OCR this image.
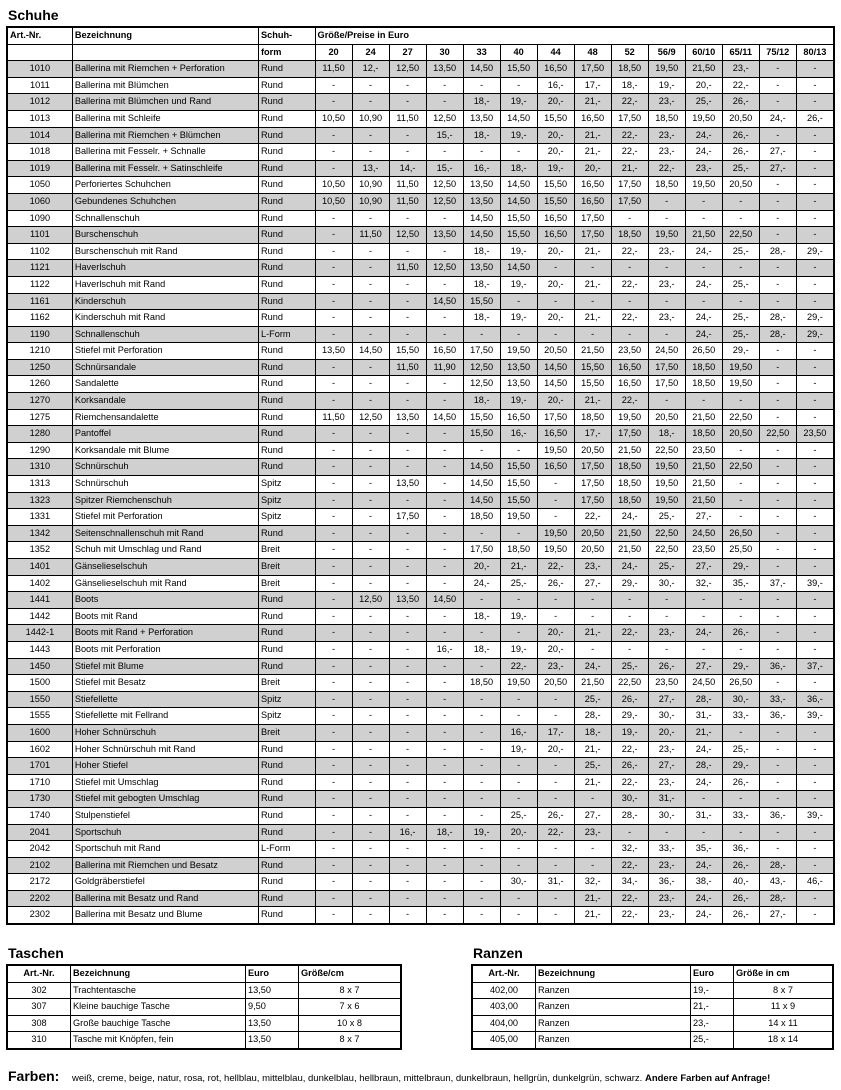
Schuhe
Art.-Nr.	Bezeichnung	Schuh-	Größe/Preise in Euro													
		form	20	24	27	30	33	40	44	48	52	56/9	60/10	65/11	75/12	80/13
1010	Ballerina mit Riemchen + Perforation	Rund	11,50	12,-	12,50	13,50	14,50	15,50	16,50	17,50	18,50	19,50	21,50	23,-	-	-
1011	Ballerina mit Blümchen	Rund	-	-	-	-	-	-	16,-	17,-	18,-	19,-	20,-	22,-	-	-
1012	Ballerina mit Blümchen und Rand	Rund	-	-	-	-	18,-	19,-	20,-	21,-	22,-	23,-	25,-	26,-	-	-
1013	Ballerina mit Schleife	Rund	10,50	10,90	11,50	12,50	13,50	14,50	15,50	16,50	17,50	18,50	19,50	20,50	24,-	26,-
1014	Ballerina mit Riemchen + Blümchen	Rund	-	-	-	15,-	18,-	19,-	20,-	21,-	22,-	23,-	24,-	26,-	-	-
1018	Ballerina mit Fesselr. + Schnalle	Rund	-	-	-	-	-	-	20,-	21,-	22,-	23,-	24,-	26,-	27,-	-
1019	Ballerina mit Fesselr. + Satinschleife	Rund	-	13,-	14,-	15,-	16,-	18,-	19,-	20,-	21,-	22,-	23,-	25,-	27,-	-
1050	Perforiertes Schuhchen	Rund	10,50	10,90	11,50	12,50	13,50	14,50	15,50	16,50	17,50	18,50	19,50	20,50	-	-
1060	Gebundenes Schuhchen	Rund	10,50	10,90	11,50	12,50	13,50	14,50	15,50	16,50	17,50	-	-	-	-	-
1090	Schnallenschuh	Rund	-	-	-	-	14,50	15,50	16,50	17,50	-	-	-	-	-	-
1101	Burschenschuh	Rund	-	11,50	12,50	13,50	14,50	15,50	16,50	17,50	18,50	19,50	21,50	22,50	-	-
1102	Burschenschuh mit Rand	Rund	-	-	-	-	18,-	19,-	20,-	21,-	22,-	23,-	24,-	25,-	28,-	29,-
1121	Haverlschuh	Rund	-	-	11,50	12,50	13,50	14,50	-	-	-	-	-	-	-	-
1122	Haverlschuh mit Rand	Rund	-	-	-	-	18,-	19,-	20,-	21,-	22,-	23,-	24,-	25,-	-	-
1161	Kinderschuh	Rund	-	-	-	14,50	15,50	-	-	-	-	-	-	-	-	-
1162	Kinderschuh mit Rand	Rund	-	-	-	-	18,-	19,-	20,-	21,-	22,-	23,-	24,-	25,-	28,-	29,-
1190	Schnallenschuh	L-Form	-	-	-	-	-	-	-	-	-	-	24,-	25,-	28,-	29,-
1210	Stiefel mit Perforation	Rund	13,50	14,50	15,50	16,50	17,50	19,50	20,50	21,50	23,50	24,50	26,50	29,-	-	-
1250	Schnürsandale	Rund	-	-	11,50	11,90	12,50	13,50	14,50	15,50	16,50	17,50	18,50	19,50	-	-
1260	Sandalette	Rund	-	-	-	-	12,50	13,50	14,50	15,50	16,50	17,50	18,50	19,50	-	-
1270	Korksandale	Rund	-	-	-	-	18,-	19,-	20,-	21,-	22,-	-	-	-	-	-
1275	Riemchensandalette	Rund	11,50	12,50	13,50	14,50	15,50	16,50	17,50	18,50	19,50	20,50	21,50	22,50	-	-
1280	Pantoffel	Rund	-	-	-	-	15,50	16,-	16,50	17,-	17,50	18,-	18,50	20,50	22,50	23,50
1290	Korksandale mit Blume	Rund	-	-	-	-	-	-	19,50	20,50	21,50	22,50	23,50	-	-	-
1310	Schnürschuh	Rund	-	-	-	-	14,50	15,50	16,50	17,50	18,50	19,50	21,50	22,50	-	-
1313	Schnürschuh	Spitz	-	-	13,50	-	14,50	15,50	-	17,50	18,50	19,50	21,50	-	-	-
1323	Spitzer Riemchenschuh	Spitz	-	-	-	-	14,50	15,50	-	17,50	18,50	19,50	21,50	-	-	-
1331	Stiefel mit Perforation	Spitz	-	-	17,50	-	18,50	19,50	-	22,-	24,-	25,-	27,-	-	-	-
1342	Seitenschnallenschuh mit Rand	Rund	-	-	-	-	-	-	19,50	20,50	21,50	22,50	24,50	26,50	-	-
1352	Schuh mit Umschlag und Rand	Breit	-	-	-	-	17,50	18,50	19,50	20,50	21,50	22,50	23,50	25,50	-	-
1401	Gänselieselschuh	Breit	-	-	-	-	20,-	21,-	22,-	23,-	24,-	25,-	27,-	29,-	-	-
1402	Gänselieselschuh mit Rand	Breit	-	-	-	-	24,-	25,-	26,-	27,-	29,-	30,-	32,-	35,-	37,-	39,-
1441	Boots	Rund	-	12,50	13,50	14,50	-	-	-	-	-	-	-	-	-	-
1442	Boots mit Rand	Rund	-	-	-	-	18,-	19,-	-	-	-	-	-	-	-	-
1442-1	Boots mit Rand + Perforation	Rund	-	-	-	-	-	-	20,-	21,-	22,-	23,-	24,-	26,-	-	-
1443	Boots mit Perforation	Rund	-	-	-	16,-	18,-	19,-	20,-	-	-	-	-	-	-	-
1450	Stiefel mit Blume	Rund	-	-	-	-	-	22,-	23,-	24,-	25,-	26,-	27,-	29,-	36,-	37,-
1500	Stiefel mit Besatz	Breit	-	-	-	-	18,50	19,50	20,50	21,50	22,50	23,50	24,50	26,50	-	-
1550	Stiefellette	Spitz	-	-	-	-	-	-	-	25,-	26,-	27,-	28,-	30,-	33,-	36,-
1555	Stiefellette mit Fellrand	Spitz	-	-	-	-	-	-	-	28,-	29,-	30,-	31,-	33,-	36,-	39,-
1600	Hoher Schnürschuh	Breit	-	-	-	-	-	16,-	17,-	18,-	19,-	20,-	21,-	-	-	-
1602	Hoher Schnürschuh mit Rand	Rund	-	-	-	-	-	19,-	20,-	21,-	22,-	23,-	24,-	25,-	-	-
1701	Hoher Stiefel	Rund	-	-	-	-	-	-	-	25,-	26,-	27,-	28,-	29,-	-	-
1710	Stiefel mit Umschlag	Rund	-	-	-	-	-	-	-	21,-	22,-	23,-	24,-	26,-	-	-
1730	Stiefel mit gebogten Umschlag	Rund	-	-	-	-	-	-	-	-	30,-	31,-	-	-	-	-
1740	Stulpenstiefel	Rund	-	-	-	-	-	25,-	26,-	27,-	28,-	30,-	31,-	33,-	36,-	39,-
2041	Sportschuh	Rund	-	-	16,-	18,-	19,-	20,-	22,-	23,-	-	-	-	-	-	-
2042	Sportschuh mit Rand	L-Form	-	-	-	-	-	-	-	-	32,-	33,-	35,-	36,-	-	-
2102	Ballerina mit Riemchen und Besatz	Rund	-	-	-	-	-	-	-	-	22,-	23,-	24,-	26,-	28,-	-
2172	Goldgräberstiefel	Rund	-	-	-	-	-	30,-	31,-	32,-	34,-	36,-	38,-	40,-	43,-	46,-
2202	Ballerina mit Besatz und Rand	Rund	-	-	-	-	-	-	-	21,-	22,-	23,-	24,-	26,-	28,-	-
2302	Ballerina mit Besatz und Blume	Rund	-	-	-	-	-	-	-	21,-	22,-	23,-	24,-	26,-	27,-	-
Taschen
Art.-Nr.	Bezeichnung	Euro	Größe/cm
302	Trachtentasche	13,50	8 x 7
307	Kleine bauchige Tasche	9,50	7 x 6
308	Große bauchige Tasche	13,50	10 x 8
310	Tasche mit Knöpfen, fein	13,50	8 x 7
Ranzen
Art.-Nr.	Bezeichnung	Euro	Größe in cm
402,00	Ranzen	19,-	8 x 7
403,00	Ranzen	21,-	11 x 9
404,00	Ranzen	23,-	14 x 11
405,00	Ranzen	25,-	18 x 14
Farben: weiß, creme, beige, natur, rosa, rot, hellblau, mittelblau, dunkelblau, hellbraun, mittelbraun, dunkelbraun, hellgrün, dunkelgrün, schwarz. Andere Farben auf Anfrage!
